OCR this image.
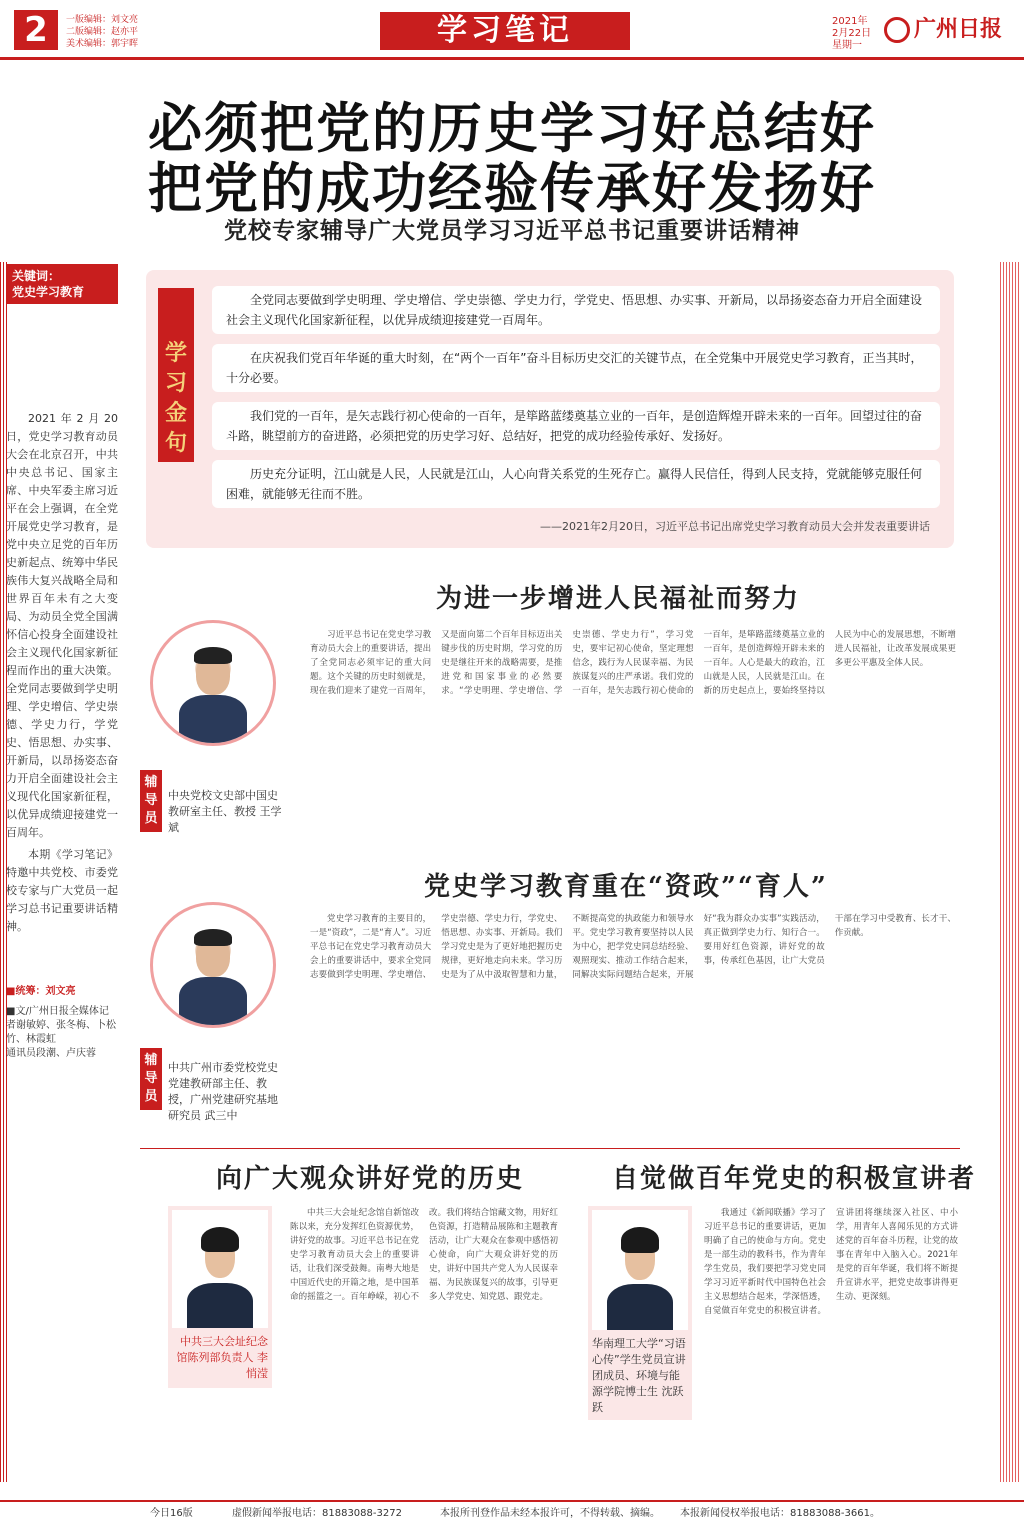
2	一版编辑：刘文亮
二版编辑：赵亦平
美术编辑：郭宇晖	学习笔记	2021年
2月22日
星期一
广州日报
必须把党的历史学习好总结好
把党的成功经验传承好发扬好
党校专家辅导广大党员学习习近平总书记重要讲话精神
关键词：
党史学习教育

2021年2月20日，党史学习教育动员大会在北京召开，中共中央总书记、国家主席、中央军委主席习近平在会上强调，在全党开展党史学习教育，是党中央立足党的百年历史新起点、统筹中华民族伟大复兴战略全局和世界百年未有之大变局、为动员全党全国满怀信心投身全面建设社会主义现代化国家新征程而作出的重大决策。全党同志要做到学史明理、学史增信、学史崇德、学史力行，学党史、悟思想、办实事、开新局，以昂扬姿态奋力开启全面建设社会主义现代化国家新征程，以优异成绩迎接建党一百周年。

本期《学习笔记》特邀中共党校、市委党校专家与广大党员一起学习总书记重要讲话精神。

■统筹：刘文亮
■文/广州日报全媒体记者谢敏婷、张冬梅、卜松竹、林霞虹
通讯员段潮、卢庆蓉
学习金句
全党同志要做到学史明理、学史增信、学史崇德、学史力行，学党史、悟思想、办实事、开新局，以昂扬姿态奋力开启全面建设社会主义现代化国家新征程，以优异成绩迎接建党一百周年。
在庆祝我们党百年华诞的重大时刻，在“两个一百年”奋斗目标历史交汇的关键节点，在全党集中开展党史学习教育，正当其时，十分必要。
我们党的一百年，是矢志践行初心使命的一百年，是筚路蓝缕奠基立业的一百年，是创造辉煌开辟未来的一百年。回望过往的奋斗路，眺望前方的奋进路，必须把党的历史学习好、总结好，把党的成功经验传承好、发扬好。
历史充分证明，江山就是人民，人民就是江山，人心向背关系党的生死存亡。赢得人民信任，得到人民支持，党就能够克服任何困难，就能够无往而不胜。
——2021年2月20日，习近平总书记出席党史学习教育动员大会并发表重要讲话
为进一步增进人民福祉而努力
辅导员
中央党校文史部中国史教研室主任、教授 王学斌

习近平总书记在党史学习教育动员大会上的重要讲话，提出了全党同志必须牢记的重大问题。这个关键的历史时刻就是，现在我们迎来了建党一百周年，又是面向第二个百年目标迈出关键步伐的历史时期，学习党的历史是继往开来的战略需要，是推进党和国家事业的必然要求。“学史明理、学史增信、学史崇德、学史力行”，学习党史，要牢记初心使命，坚定理想信念，践行为人民谋幸福、为民族谋复兴的庄严承诺。我们党的一百年，是矢志践行初心使命的一百年，是筚路蓝缕奠基立业的一百年，是创造辉煌开辟未来的一百年。人心是最大的政治，江山就是人民，人民就是江山。在新的历史起点上，要始终坚持以人民为中心的发展思想，不断增进人民福祉，让改革发展成果更多更公平惠及全体人民。

党史学习教育重在“资政”“育人”
辅导员
中共广州市委党校党史党建教研部主任、教授，广州党建研究基地研究员 武三中

党史学习教育的主要目的，一是“资政”，二是“育人”。习近平总书记在党史学习教育动员大会上的重要讲话中，要求全党同志要做到学史明理、学史增信、学史崇德、学史力行，学党史、悟思想、办实事、开新局。我们学习党史是为了更好地把握历史规律，更好地走向未来。学习历史是为了从中汲取智慧和力量，不断提高党的执政能力和领导水平。党史学习教育要坚持以人民为中心，把学党史同总结经验、观照现实、推动工作结合起来，同解决实际问题结合起来，开展好“我为群众办实事”实践活动，真正做到学史力行、知行合一。要用好红色资源，讲好党的故事，传承红色基因，让广大党员干部在学习中受教育、长才干、作贡献。

向广大观众讲好党的历史
中共三大会址纪念馆陈列部负责人 李悄滢

中共三大会址纪念馆自新馆改陈以来，充分发挥红色资源优势，讲好党的故事。习近平总书记在党史学习教育动员大会上的重要讲话，让我们深受鼓舞。南粤大地是中国近代史的开篇之地，是中国革命的摇篮之一。百年峥嵘，初心不改。我们将结合馆藏文物，用好红色资源，打造精品展陈和主题教育活动，让广大观众在参观中感悟初心使命，向广大观众讲好党的历史，讲好中国共产党人为人民谋幸福、为民族谋复兴的故事，引导更多人学党史、知党恩、跟党走。

自觉做百年党史的积极宣讲者
华南理工大学“习语心传”学生党员宣讲团成员、环境与能源学院博士生 沈跃跃

我通过《新闻联播》学习了习近平总书记的重要讲话，更加明确了自己的使命与方向。党史是一部生动的教科书，作为青年学生党员，我们要把学习党史同学习习近平新时代中国特色社会主义思想结合起来，学深悟透，自觉做百年党史的积极宣讲者。宣讲团将继续深入社区、中小学，用青年人喜闻乐见的方式讲述党的百年奋斗历程，让党的故事在青年中入脑入心。2021年是党的百年华诞，我们将不断提升宣讲水平，把党史故事讲得更生动、更深刻。

今日16版	虚假新闻举报电话：81883088-3272	本报所刊登作品未经本报许可，不得转载、摘编。 本报新闻侵权举报电话：81883088-3661。
